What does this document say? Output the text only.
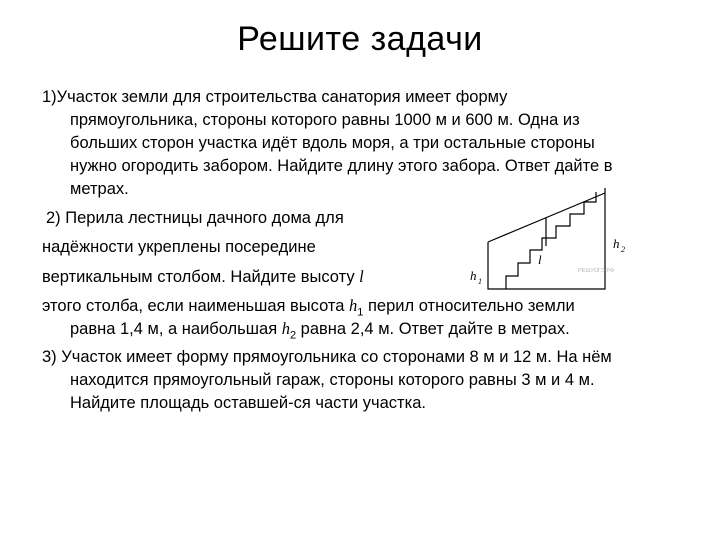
Решите задачи
1)Участок земли для строительства санатория имеет форму
прямоугольника, стороны которого равны 1000 м и 600 м. Одна из
больших сторон участка идёт вдоль моря, а три остальные стороны
нужно огородить забором. Найдите длину этого забора. Ответ дайте в
метрах.
2) Перила лестницы дачного дома для
надёжности укреплены посередине
вертикальным столбом. Найдите высоту l
этого столба, если наименьшая высота $h_1$ перил относительно земли
равна 1,4 м, а наибольшая $h_2$ равна 2,4 м. Ответ дайте в метрах.
3) Участок имеет форму прямоугольника со сторонами 8 м и 12 м. На нём
находится прямоугольный гараж, стороны которого равны 3 м и 4 м.
Найдите площадь оставшей-ся части участка.
l
h 1
h 2
РЕШУОГЭ.РФ
